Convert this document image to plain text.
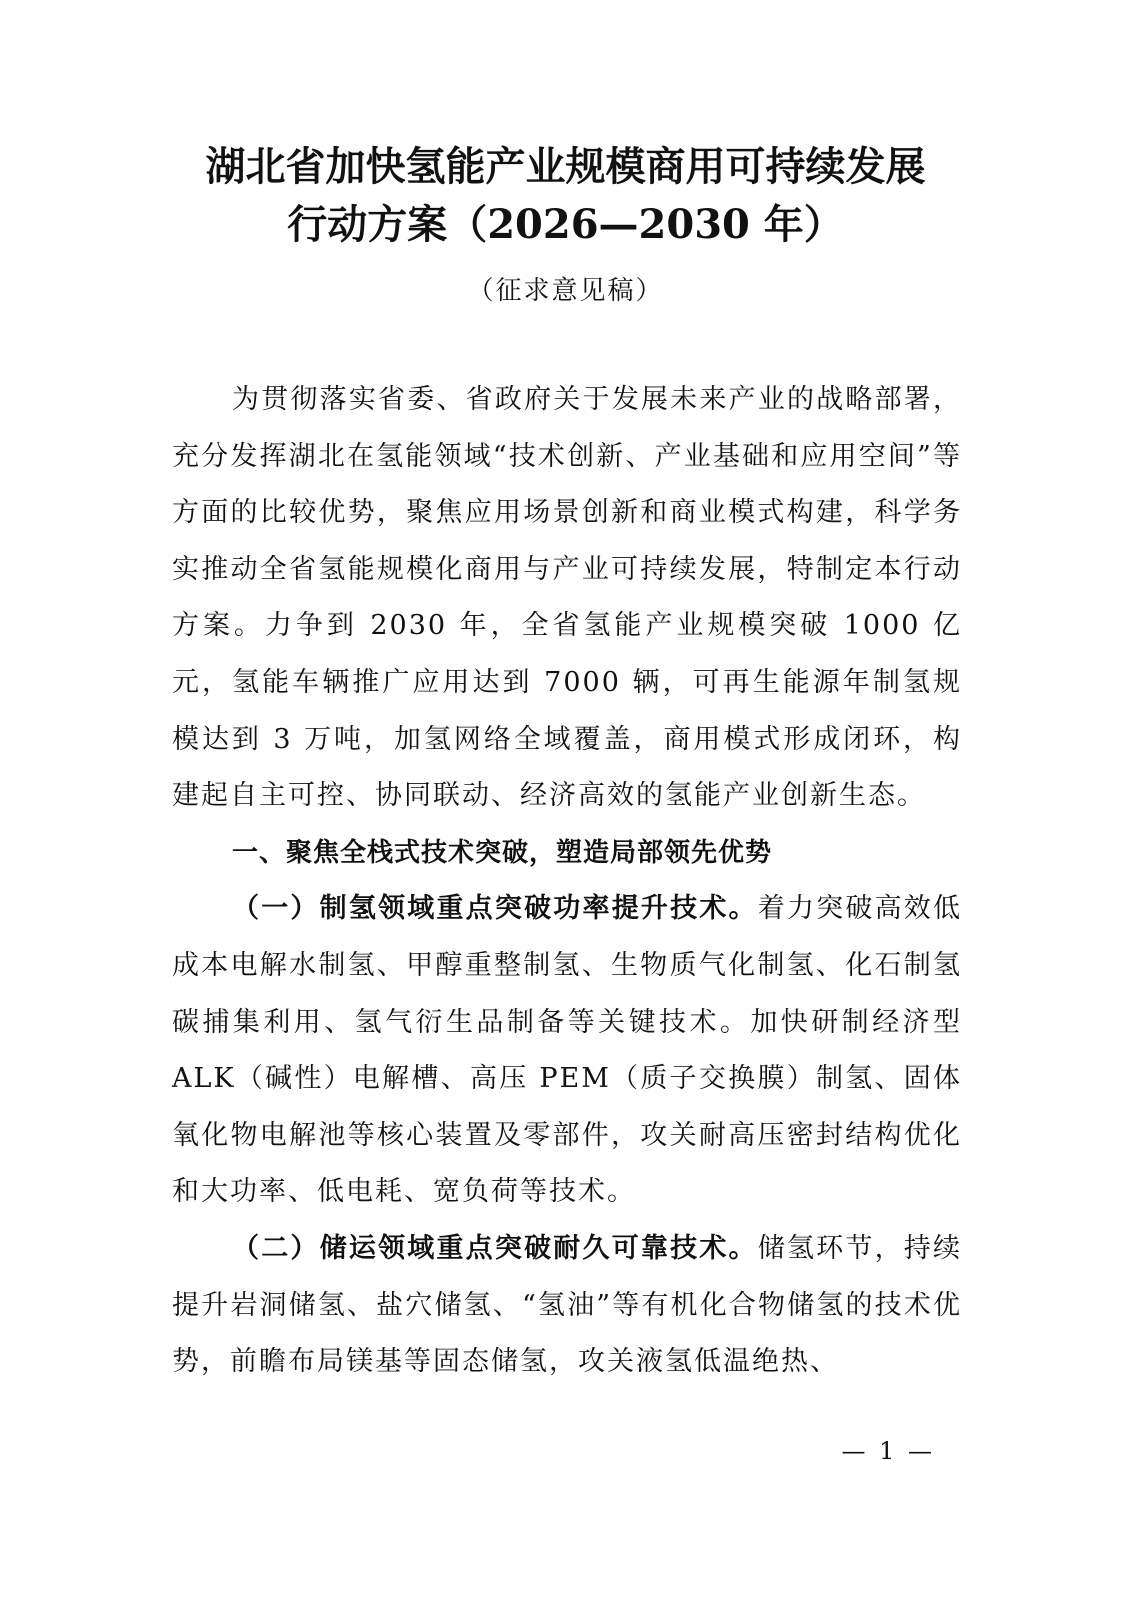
湖北省加快氢能产业规模商用可持续发展
行动方案（2026—2030 年）
（征求意见稿）

为贯彻落实省委、省政府关于发展未来产业的战略部署，充分发挥湖北在氢能领域“技术创新、产业基础和应用空间”等方面的比较优势，聚焦应用场景创新和商业模式构建，科学务实推动全省氢能规模化商用与产业可持续发展，特制定本行动方案。力争到 2030 年，全省氢能产业规模突破 1000 亿元，氢能车辆推广应用达到 7000 辆，可再生能源年制氢规模达到 3 万吨，加氢网络全域覆盖，商用模式形成闭环，构建起自主可控、协同联动、经济高效的氢能产业创新生态。

一、聚焦全栈式技术突破，塑造局部领先优势

（一）制氢领域重点突破功率提升技术。着力突破高效低成本电解水制氢、甲醇重整制氢、生物质气化制氢、化石制氢碳捕集利用、氢气衍生品制备等关键技术。加快研制经济型 ALK（碱性）电解槽、高压 PEM（质子交换膜）制氢、固体氧化物电解池等核心装置及零部件，攻关耐高压密封结构优化和大功率、低电耗、宽负荷等技术。

（二）储运领域重点突破耐久可靠技术。储氢环节，持续提升岩洞储氢、盐穴储氢、“氢油”等有机化合物储氢的技术优势，前瞻布局镁基等固态储氢，攻关液氢低温绝热、

— 1 —
